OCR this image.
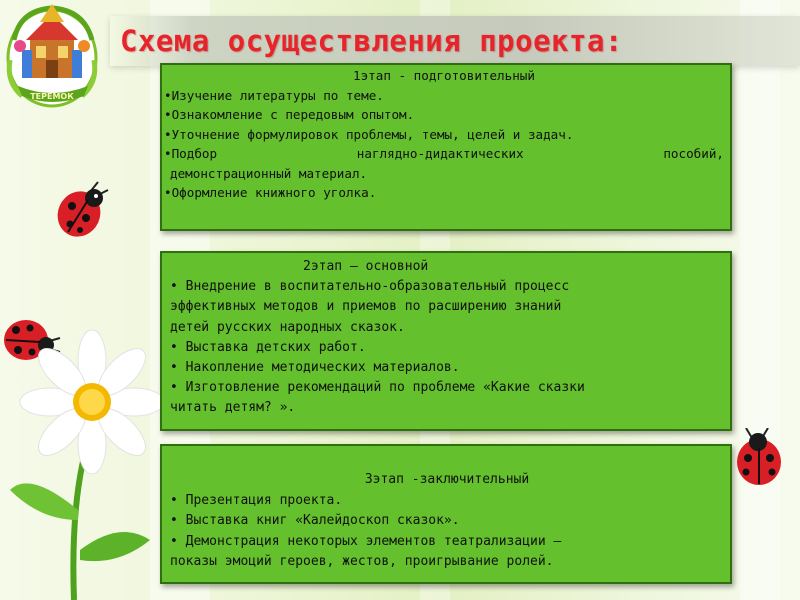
ТЕРЕМОК
Схема осуществления проекта:
1этап - подготовительный
•Изучение литературы по теме.
•Ознакомление с передовым опытом.
•Уточнение формулировок проблемы, темы, целей и задач.
•Подбор наглядно-дидактических пособий,
демонстрационный материал.
•Оформление книжного уголка.
2этап – основной
• Внедрение в воспитательно-образовательный процесс
эффективных методов и приемов по расширению знаний
детей русских народных сказок.
• Выставка детских работ.
• Накопление методических материалов.
• Изготовление рекомендаций по проблеме «Какие сказки
читать детям? ».
3этап -заключительный
• Презентация проекта.
• Выставка книг «Калейдоскоп сказок».
• Демонстрация некоторых элементов театрализации –
показы эмоций героев, жестов, проигрывание ролей.
